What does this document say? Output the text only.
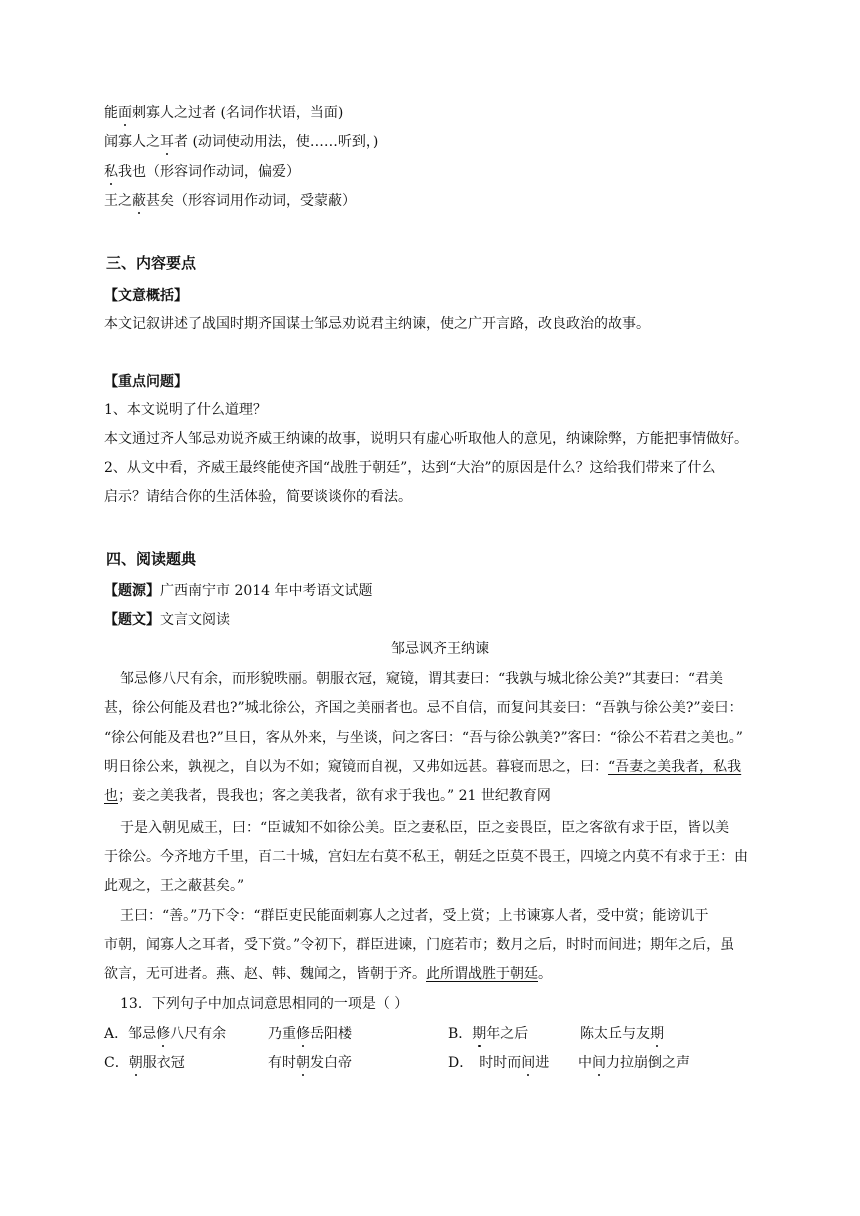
能面刺寡人之过者 (名词作状语，当面)
闻寡人之耳者 (动词使动用法，使……听到，)
私我也（形容词作动词，偏爱）
王之蔽甚矣（形容词用作动词，受蒙蔽）
三、内容要点
【文意概括】
本文记叙讲述了战国时期齐国谋士邹忌劝说君主纳谏，使之广开言路，改良政治的故事。
【重点问题】
1、本文说明了什么道理？
本文通过齐人邹忌劝说齐威王纳谏的故事，说明只有虚心听取他人的意见，纳谏除弊，方能把事情做好。
2、从文中看，齐威王最终能使齐国“战胜于朝廷”，达到“大治”的原因是什么？这给我们带来了什么
启示？请结合你的生活体验，简要谈谈你的看法。
四、阅读题典
【题源】广西南宁市 2014 年中考语文试题
【题文】文言文阅读
邹忌讽齐王纳谏
邹忌修八尺有余，而形貌昳丽。朝服衣冠，窥镜，谓其妻曰：“我孰与城北徐公美?”其妻曰：“君美
甚，徐公何能及君也?”城北徐公，齐国之美丽者也。忌不自信，而复问其妾曰：“吾孰与徐公美?”妾曰：
“徐公何能及君也?”旦日，客从外来，与坐谈，问之客曰：“吾与徐公孰美?”客曰：“徐公不若君之美也。”
明日徐公来，孰视之，自以为不如；窥镜而自视，又弗如远甚。暮寝而思之，曰：“吾妻之美我者，私我
也；妾之美我者，畏我也；客之美我者，欲有求于我也。” 21 世纪教育网
于是入朝见威王，曰：“臣诚知不如徐公美。臣之妻私臣，臣之妾畏臣，臣之客欲有求于臣，皆以美
于徐公。今齐地方千里，百二十城，宫妇左右莫不私王，朝廷之臣莫不畏王，四境之内莫不有求于王：由
此观之，王之蔽甚矣。”
王曰：“善。”乃下令：“群臣吏民能面刺寡人之过者，受上赏；上书谏寡人者，受中赏；能谤讥于
市朝，闻寡人之耳者，受下赏。”令初下，群臣进谏，门庭若市；数月之后，时时而间进；期年之后，虽
欲言，无可进者。燕、赵、韩、魏闻之，皆朝于齐。此所谓战胜于朝廷。
13．下列句子中加点词意思相同的一项是（ ）
A．邹忌修八尺有余	乃重修岳阳楼	B．期年之后	陈太丘与友期
C．朝服衣冠	有时朝发白帝	D． 时时而间进 中间力拉崩倒之声
